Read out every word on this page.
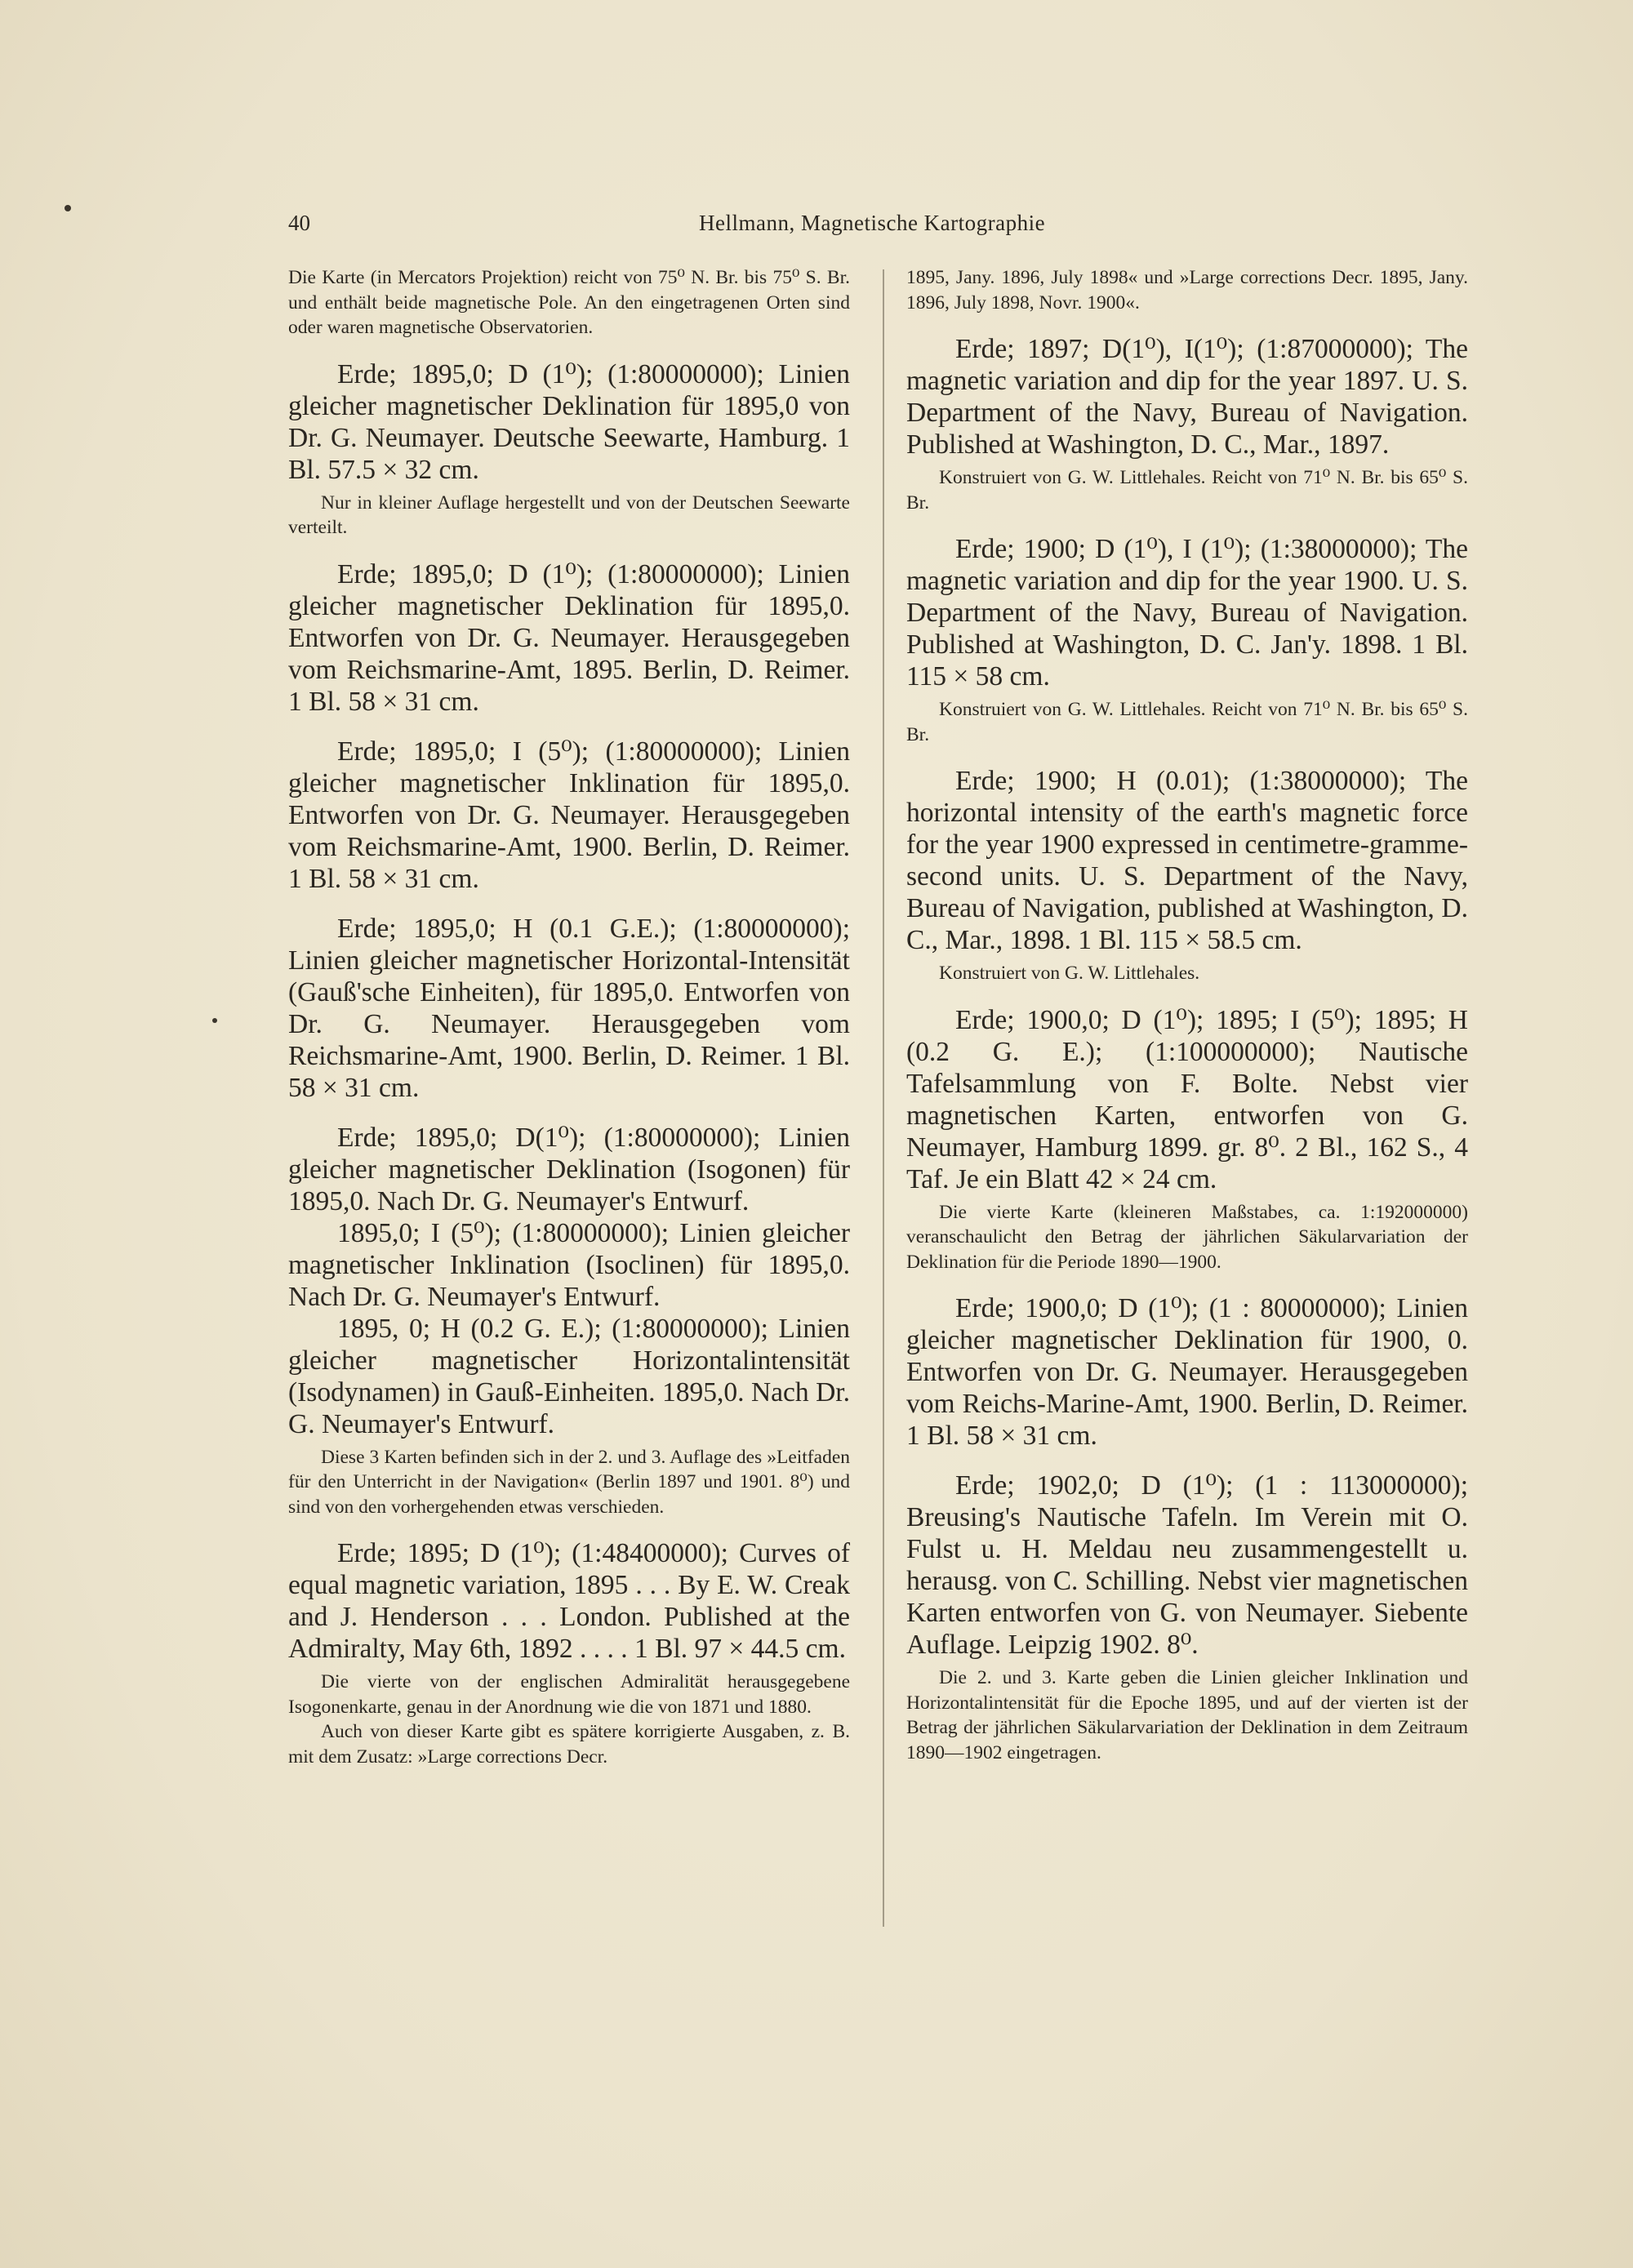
40	Hellmann, Magnetische Kartographie

Die Karte (in Mercators Projektion) reicht von 75⁰ N. Br. bis 75⁰ S. Br. und enthält beide magnetische Pole. An den eingetragenen Orten sind oder waren magnetische Observatorien.

Erde; 1895,0; D (1⁰); (1:80000000); Linien gleicher magnetischer Deklination für 1895,0 von Dr. G. Neumayer. Deutsche Seewarte, Hamburg. 1 Bl. 57.5 × 32 cm.

Nur in kleiner Auflage hergestellt und von der Deutschen Seewarte verteilt.

Erde; 1895,0; D (1⁰); (1:80000000); Linien gleicher magnetischer Deklination für 1895,0. Entworfen von Dr. G. Neumayer. Herausgegeben vom Reichsmarine-Amt, 1895. Berlin, D. Reimer. 1 Bl. 58 × 31 cm.

Erde; 1895,0; I (5⁰); (1:80000000); Linien gleicher magnetischer Inklination für 1895,0. Entworfen von Dr. G. Neumayer. Herausgegeben vom Reichsmarine-Amt, 1900. Berlin, D. Reimer. 1 Bl. 58 × 31 cm.

Erde; 1895,0; H (0.1 G.E.); (1:80000000); Linien gleicher magnetischer Horizontal-Intensität (Gauß'sche Einheiten), für 1895,0. Entworfen von Dr. G. Neumayer. Herausgegeben vom Reichsmarine-Amt, 1900. Berlin, D. Reimer. 1 Bl. 58 × 31 cm.

Erde; 1895,0; D(1⁰); (1:80000000); Linien gleicher magnetischer Deklination (Isogonen) für 1895,0. Nach Dr. G. Neumayer's Entwurf.

1895,0; I (5⁰); (1:80000000); Linien gleicher magnetischer Inklination (Isoclinen) für 1895,0. Nach Dr. G. Neumayer's Entwurf.

1895, 0; H (0.2 G. E.); (1:80000000); Linien gleicher magnetischer Horizontalintensität (Isodynamen) in Gauß-Einheiten. 1895,0. Nach Dr. G. Neumayer's Entwurf.

Diese 3 Karten befinden sich in der 2. und 3. Auflage des »Leitfaden für den Unterricht in der Navigation« (Berlin 1897 und 1901. 8⁰) und sind von den vorhergehenden etwas verschieden.

Erde; 1895; D (1⁰); (1:48400000); Curves of equal magnetic variation, 1895 . . . By E. W. Creak and J. Henderson . . . London. Published at the Admiralty, May 6th, 1892 . . . . 1 Bl. 97 × 44.5 cm.

Die vierte von der englischen Admiralität herausgegebene Isogonenkarte, genau in der Anordnung wie die von 1871 und 1880.

Auch von dieser Karte gibt es spätere korrigierte Ausgaben, z. B. mit dem Zusatz: »Large corrections Decr.

1895, Jany. 1896, July 1898« und »Large corrections Decr. 1895, Jany. 1896, July 1898, Novr. 1900«.

Erde; 1897; D(1⁰), I(1⁰); (1:87000000); The magnetic variation and dip for the year 1897. U. S. Department of the Navy, Bureau of Navigation. Published at Washington, D. C., Mar., 1897.

Konstruiert von G. W. Littlehales. Reicht von 71⁰ N. Br. bis 65⁰ S. Br.

Erde; 1900; D (1⁰), I (1⁰); (1:38000000); The magnetic variation and dip for the year 1900. U. S. Department of the Navy, Bureau of Navigation. Published at Washington, D. C. Jan'y. 1898. 1 Bl. 115 × 58 cm.

Konstruiert von G. W. Littlehales. Reicht von 71⁰ N. Br. bis 65⁰ S. Br.

Erde; 1900; H (0.01); (1:38000000); The horizontal intensity of the earth's magnetic force for the year 1900 expressed in centimetre-gramme-second units. U. S. Department of the Navy, Bureau of Navigation, published at Washington, D. C., Mar., 1898. 1 Bl. 115 × 58.5 cm.

Konstruiert von G. W. Littlehales.

Erde; 1900,0; D (1⁰); 1895; I (5⁰); 1895; H (0.2 G. E.); (1:100000000); Nautische Tafelsammlung von F. Bolte. Nebst vier magnetischen Karten, entworfen von G. Neumayer, Hamburg 1899. gr. 8⁰. 2 Bl., 162 S., 4 Taf. Je ein Blatt 42 × 24 cm.

Die vierte Karte (kleineren Maßstabes, ca. 1:192000000) veranschaulicht den Betrag der jährlichen Säkularvariation der Deklination für die Periode 1890—1900.

Erde; 1900,0; D (1⁰); (1 : 80000000); Linien gleicher magnetischer Deklination für 1900, 0. Entworfen von Dr. G. Neumayer. Herausgegeben vom Reichs-Marine-Amt, 1900. Berlin, D. Reimer. 1 Bl. 58 × 31 cm.

Erde; 1902,0; D (1⁰); (1 : 113000000); Breusing's Nautische Tafeln. Im Verein mit O. Fulst u. H. Meldau neu zusammengestellt u. herausg. von C. Schilling. Nebst vier magnetischen Karten entworfen von G. von Neumayer. Siebente Auflage. Leipzig 1902. 8⁰.

Die 2. und 3. Karte geben die Linien gleicher Inklination und Horizontalintensität für die Epoche 1895, und auf der vierten ist der Betrag der jährlichen Säkularvariation der Deklination in dem Zeitraum 1890—1902 eingetragen.
